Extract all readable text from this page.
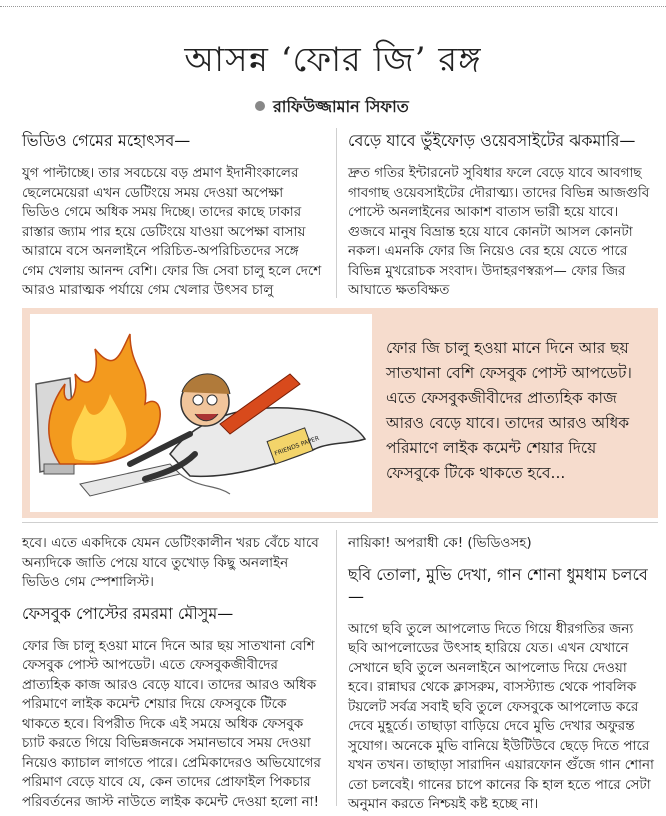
আসন্ন ‘ফোর জি’ রঙ্গ
রাফিউজ্জামান সিফাত
ভিডিও গেমের মহোৎসব—

যুগ পাল্টাচ্ছে। তার সবচেয়ে বড় প্রমাণ ইদানীংকালের ছেলেমেয়েরা এখন ডেটিংয়ে সময় দেওয়া অপেক্ষা ভিডিও গেমে অধিক সময় দিচ্ছে। তাদের কাছে ঢাকার রাস্তার জ্যাম পার হয়ে ডেটিংয়ে যাওয়া অপেক্ষা বাসায় আরামে বসে অনলাইনে পরিচিত-অপরিচিতদের সঙ্গে গেম খেলায় আনন্দ বেশি। ফোর জি সেবা চালু হলে দেশে আরও মারাত্মক পর্যায়ে গেম খেলার উৎসব চালু

বেড়ে যাবে ভুঁইফোড় ওয়েবসাইটের ঝকমারি—

দ্রুত গতির ইন্টারনেট সুবিধার ফলে বেড়ে যাবে আবগাছ গাবগাছ ওয়েবসাইটের দৌরাত্ম্য। তাদের বিভিন্ন আজগুবি পোস্টে অনলাইনের আকাশ বাতাস ভারী হয়ে যাবে। গুজবে মানুষ বিভ্রান্ত হয়ে যাবে কোনটা আসল কোনটা নকল। এমনকি ফোর জি নিয়েও বের হয়ে যেতে পারে বিভিন্ন মুখরোচক সংবাদ। উদাহরণস্বরূপ— ফোর জির আঘাতে ক্ষতবিক্ষত

FRIENDS PAPER
ফোর জি চালু হওয়া মানে দিনে আর ছয় সাতখানা বেশি ফেসবুক পোস্ট আপডেট। এতে ফেসবুকজীবীদের প্রাত্যহিক কাজ আরও বেড়ে যাবে। তাদের আরও অধিক পরিমাণে লাইক কমেন্ট শেয়ার দিয়ে ফেসবুকে টিকে থাকতে হবে...

হবে। এতে একদিকে যেমন ডেটিংকালীন খরচ বেঁচে যাবে অন্যদিকে জাতি পেয়ে যাবে তুখোড় কিছু অনলাইন ভিডিও গেম স্পেশালিস্ট।

ফেসবুক পোস্টের রমরমা মৌসুম—

ফোর জি চালু হওয়া মানে দিনে আর ছয় সাতখানা বেশি ফেসবুক পোস্ট আপডেট। এতে ফেসবুকজীবীদের প্রাত্যহিক কাজ আরও বেড়ে যাবে। তাদের আরও অধিক পরিমাণে লাইক কমেন্ট শেয়ার দিয়ে ফেসবুকে টিকে থাকতে হবে। বিপরীত দিকে এই সময়ে অধিক ফেসবুক চ্যাট করতে গিয়ে বিভিন্নজনকে সমানভাবে সময় দেওয়া নিয়েও ক্যাচাল লাগতে পারে। প্রেমিকাদেরও অভিযোগের পরিমাণ বেড়ে যাবে যে, কেন তাদের প্রোফাইল পিকচার পরিবর্তনের জাস্ট নাউতে লাইক কমেন্ট দেওয়া হলো না!

নায়িকা! অপরাধী কে! (ভিডিওসহ)

ছবি তোলা, মুভি দেখা, গান শোনা ধুমধাম চলবে—

আগে ছবি তুলে আপলোড দিতে গিয়ে ধীরগতির জন্য ছবি আপলোডের উৎসাহ হারিয়ে যেত। এখন যেখানে সেখানে ছবি তুলে অনলাইনে আপলোড দিয়ে দেওয়া হবে। রান্নাঘর থেকে ক্লাসরুম, বাসস্ট্যান্ড থেকে পাবলিক টয়লেট সর্বত্র সবাই ছবি তুলে ফেসবুকে আপলোড করে দেবে মুহূর্তে। তাছাড়া বাড়িয়ে দেবে মুভি দেখার অফুরন্ত সুযোগ। অনেকে মুভি বানিয়ে ইউটিউবে ছেড়ে দিতে পারে যখন তখন। তাছাড়া সারাদিন এয়ারফোন গুঁজে গান শোনা তো চলবেই। গানের চাপে কানের কি হাল হতে পারে সেটা অনুমান করতে নিশ্চয়ই কষ্ট হচ্ছে না।
